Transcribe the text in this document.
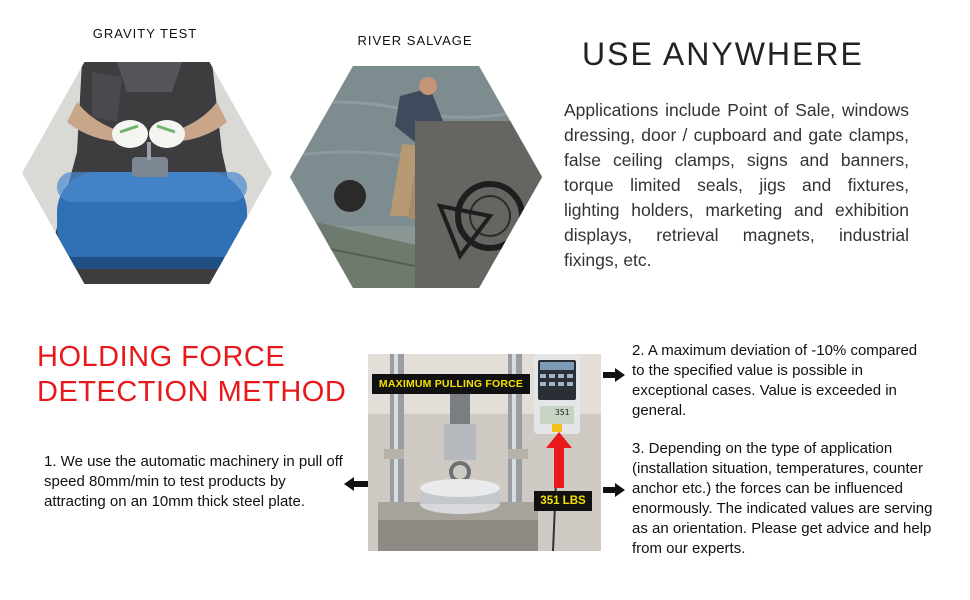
GRAVITY TEST	RIVER SALVAGE	USE ANYWHERE
Applications include Point of Sale, windows dressing, door / cupboard and gate clamps, false ceiling clamps, signs and banners, torque limited seals, jigs and fixtures, lighting holders, marketing and exhibition displays, retrieval magnets, industrial fixings, etc.
HOLDING FORCE
DETECTION METHOD
1. We use the automatic machinery in pull off speed 80mm/min to test products by attracting on an 10mm thick steel plate.
MAXIMUM PULLING FORCE
351
351 LBS
2. A maximum deviation of -10% compared to the specified value is possible in exceptional cases. Value is exceeded in general.
3. Depending on the type of application (installation situation, temperatures, counter anchor etc.) the forces can be influenced enormously. The indicated values are serving as an orientation. Please get advice and help from our experts.
